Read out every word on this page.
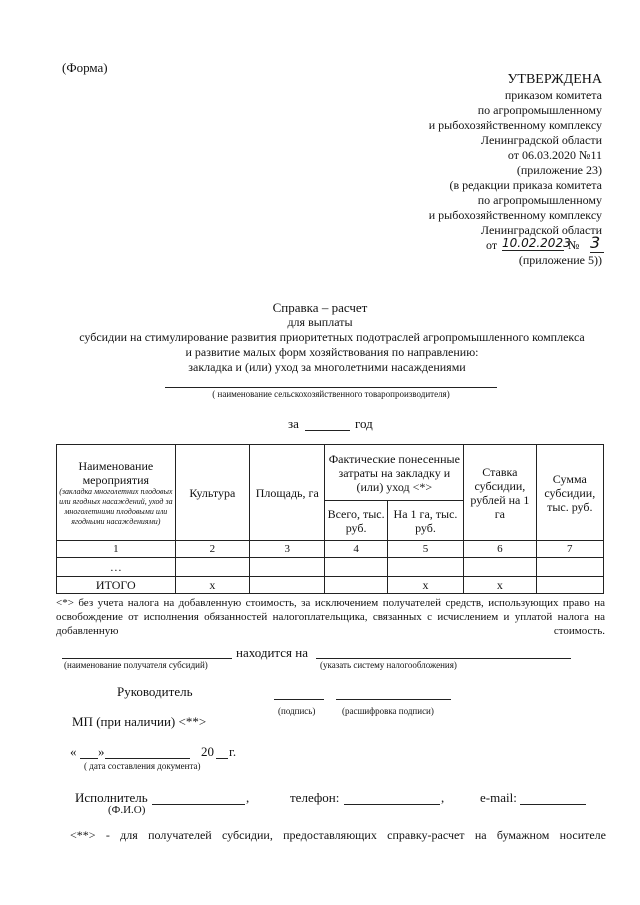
(Форма)
УТВЕРЖДЕНА
приказом комитета
по агропромышленному
и рыбохозяйственному комплексу
Ленинградской области
от 06.03.2020 №11
(приложение 23)
(в редакции приказа комитета
по агропромышленному
и рыбохозяйственному комплексу
Ленинградской области
от 10.02.2023
№ 3
(приложение 5))
Справка – расчет
для выплаты
субсидии на стимулирование развития приоритетных подотраслей агропромышленного комплекса
и развитие малых форм хозяйствования по направлению:
закладка и (или) уход за многолетними насаждениями
( наименование сельскохозяйственного товаропроизводителя)
за	год
Наименование мероприятия
(закладка многолетних плодовых или ягодных насаждений, уход за многолетними плодовыми или ягодными насаждениями)	Культура	Площадь, га	Фактические понесенные затраты на закладку и (или) уход <*>		Ставка субсидии, рублей на 1 га	Сумма субсидии, тыс. руб.
			Всего, тыс. руб.	На 1 га, тыс. руб.		
1	2	3	4	5	6	7
…						
ИТОГО	х			х	х	
<*> без учета налога на добавленную стоимость, за исключением получателей средств, использующих право на освобождение от исполнения обязанностей налогоплательщика, связанных с исчислением и уплатой налога на добавленную стоимость.
находится на
(наименование получателя субсидий)	(указать систему налогообложения)
Руководитель
(подпись)	(расшифровка подписи)
МП (при наличии) <**>
« »	20 г.
( дата составления документа)
Исполнитель	,
(Ф.И.О)
телефон:	,	e-mail:
<**> - для получателей субсидии, предоставляющих справку-расчет на бумажном носителе
